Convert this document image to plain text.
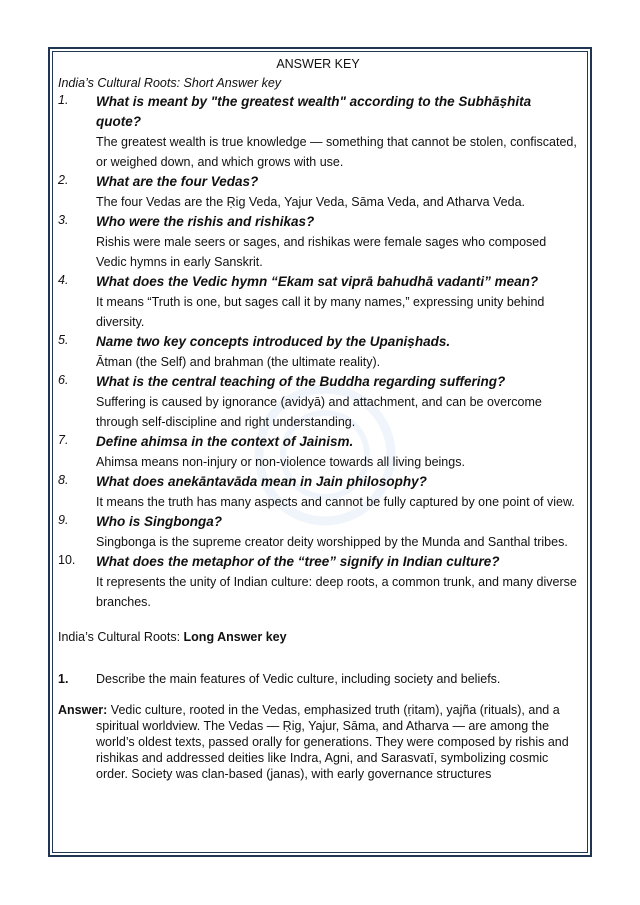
ANSWER KEY
India’s Cultural Roots: Short Answer key
1. What is meant by "the greatest wealth" according to the Subhāṣhita quote?
The greatest wealth is true knowledge — something that cannot be stolen, confiscated, or weighed down, and which grows with use.
2. What are the four Vedas?
The four Vedas are the Ṛig Veda, Yajur Veda, Sāma Veda, and Atharva Veda.
3. Who were the rishis and rishikas?
Rishis were male seers or sages, and rishikas were female sages who composed Vedic hymns in early Sanskrit.
4. What does the Vedic hymn “Ekam sat viprā bahudhā vadanti” mean?
It means “Truth is one, but sages call it by many names,” expressing unity behind diversity.
5. Name two key concepts introduced by the Upaniṣhads.
Ātman (the Self) and brahman (the ultimate reality).
6. What is the central teaching of the Buddha regarding suffering?
Suffering is caused by ignorance (avidyā) and attachment, and can be overcome through self-discipline and right understanding.
7. Define ahimsa in the context of Jainism.
Ahimsa means non-injury or non-violence towards all living beings.
8. What does anekāntavāda mean in Jain philosophy?
It means the truth has many aspects and cannot be fully captured by one point of view.
9. Who is Singbonga?
Singbonga is the supreme creator deity worshipped by the Munda and Santhal tribes.
10. What does the metaphor of the “tree” signify in Indian culture?
It represents the unity of Indian culture: deep roots, a common trunk, and many diverse branches.
India’s Cultural Roots: Long Answer key
1. Describe the main features of Vedic culture, including society and beliefs.

Answer: Vedic culture, rooted in the Vedas, emphasized truth (ṛitam), yajña (rituals), and a spiritual worldview. The Vedas — Ṛig, Yajur, Sāma, and Atharva — are among the world’s oldest texts, passed orally for generations. They were composed by rishis and rishikas and addressed deities like Indra, Agni, and Sarasvatī, symbolizing cosmic order. Society was clan-based (janas), with early governance structures
